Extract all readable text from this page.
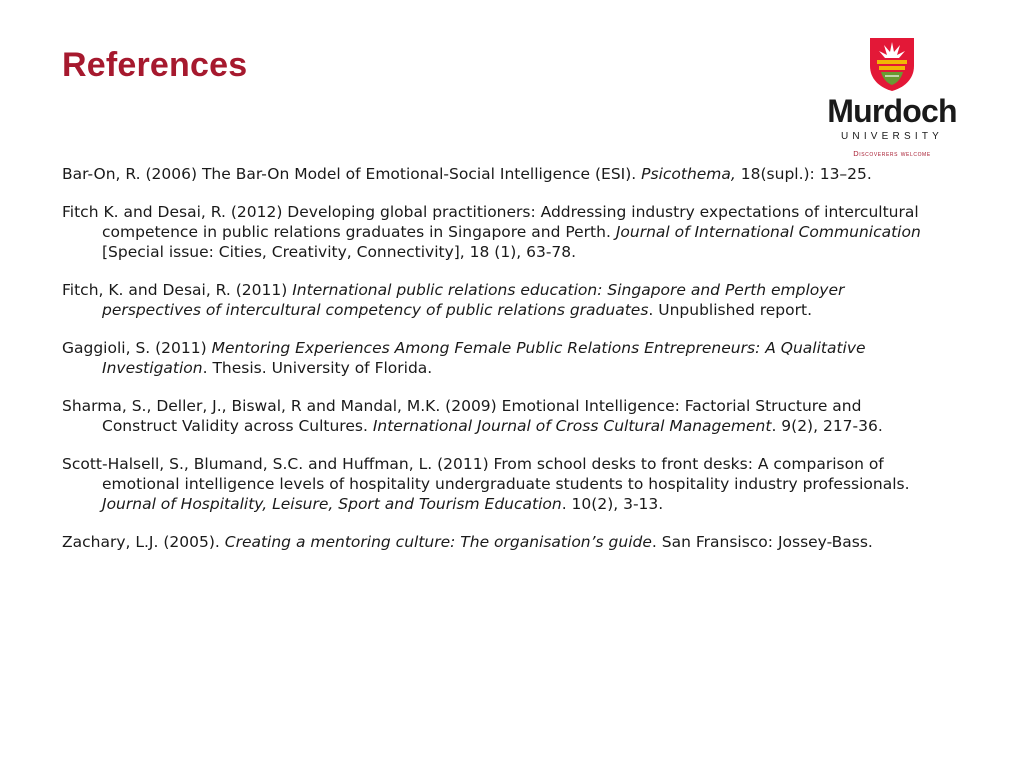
References
Murdoch
UNIVERSITY
Discoverers welcome
Bar-On, R. (2006) The Bar-On Model of Emotional-Social Intelligence (ESI). Psicothema, 18(supl.): 13–25.
Fitch K. and Desai, R. (2012) Developing global practitioners: Addressing industry expectations of intercultural competence in public relations graduates in Singapore and Perth. Journal of International Communication [Special issue: Cities, Creativity, Connectivity], 18 (1), 63-78.
Fitch, K. and Desai, R. (2011) International public relations education: Singapore and Perth employer perspectives of intercultural competency of public relations graduates. Unpublished report.
Gaggioli, S. (2011) Mentoring Experiences Among Female Public Relations Entrepreneurs: A Qualitative Investigation. Thesis. University of Florida.
Sharma, S., Deller, J., Biswal, R and Mandal, M.K. (2009) Emotional Intelligence: Factorial Structure and Construct Validity across Cultures. International Journal of Cross Cultural Management. 9(2), 217-36.
Scott-Halsell, S., Blumand, S.C. and Huffman, L. (2011) From school desks to front desks: A comparison of emotional intelligence levels of hospitality undergraduate students to hospitality industry professionals. Journal of Hospitality, Leisure, Sport and Tourism Education. 10(2), 3-13.
Zachary, L.J. (2005). Creating a mentoring culture: The organisation’s guide. San Fransisco: Jossey-Bass.
